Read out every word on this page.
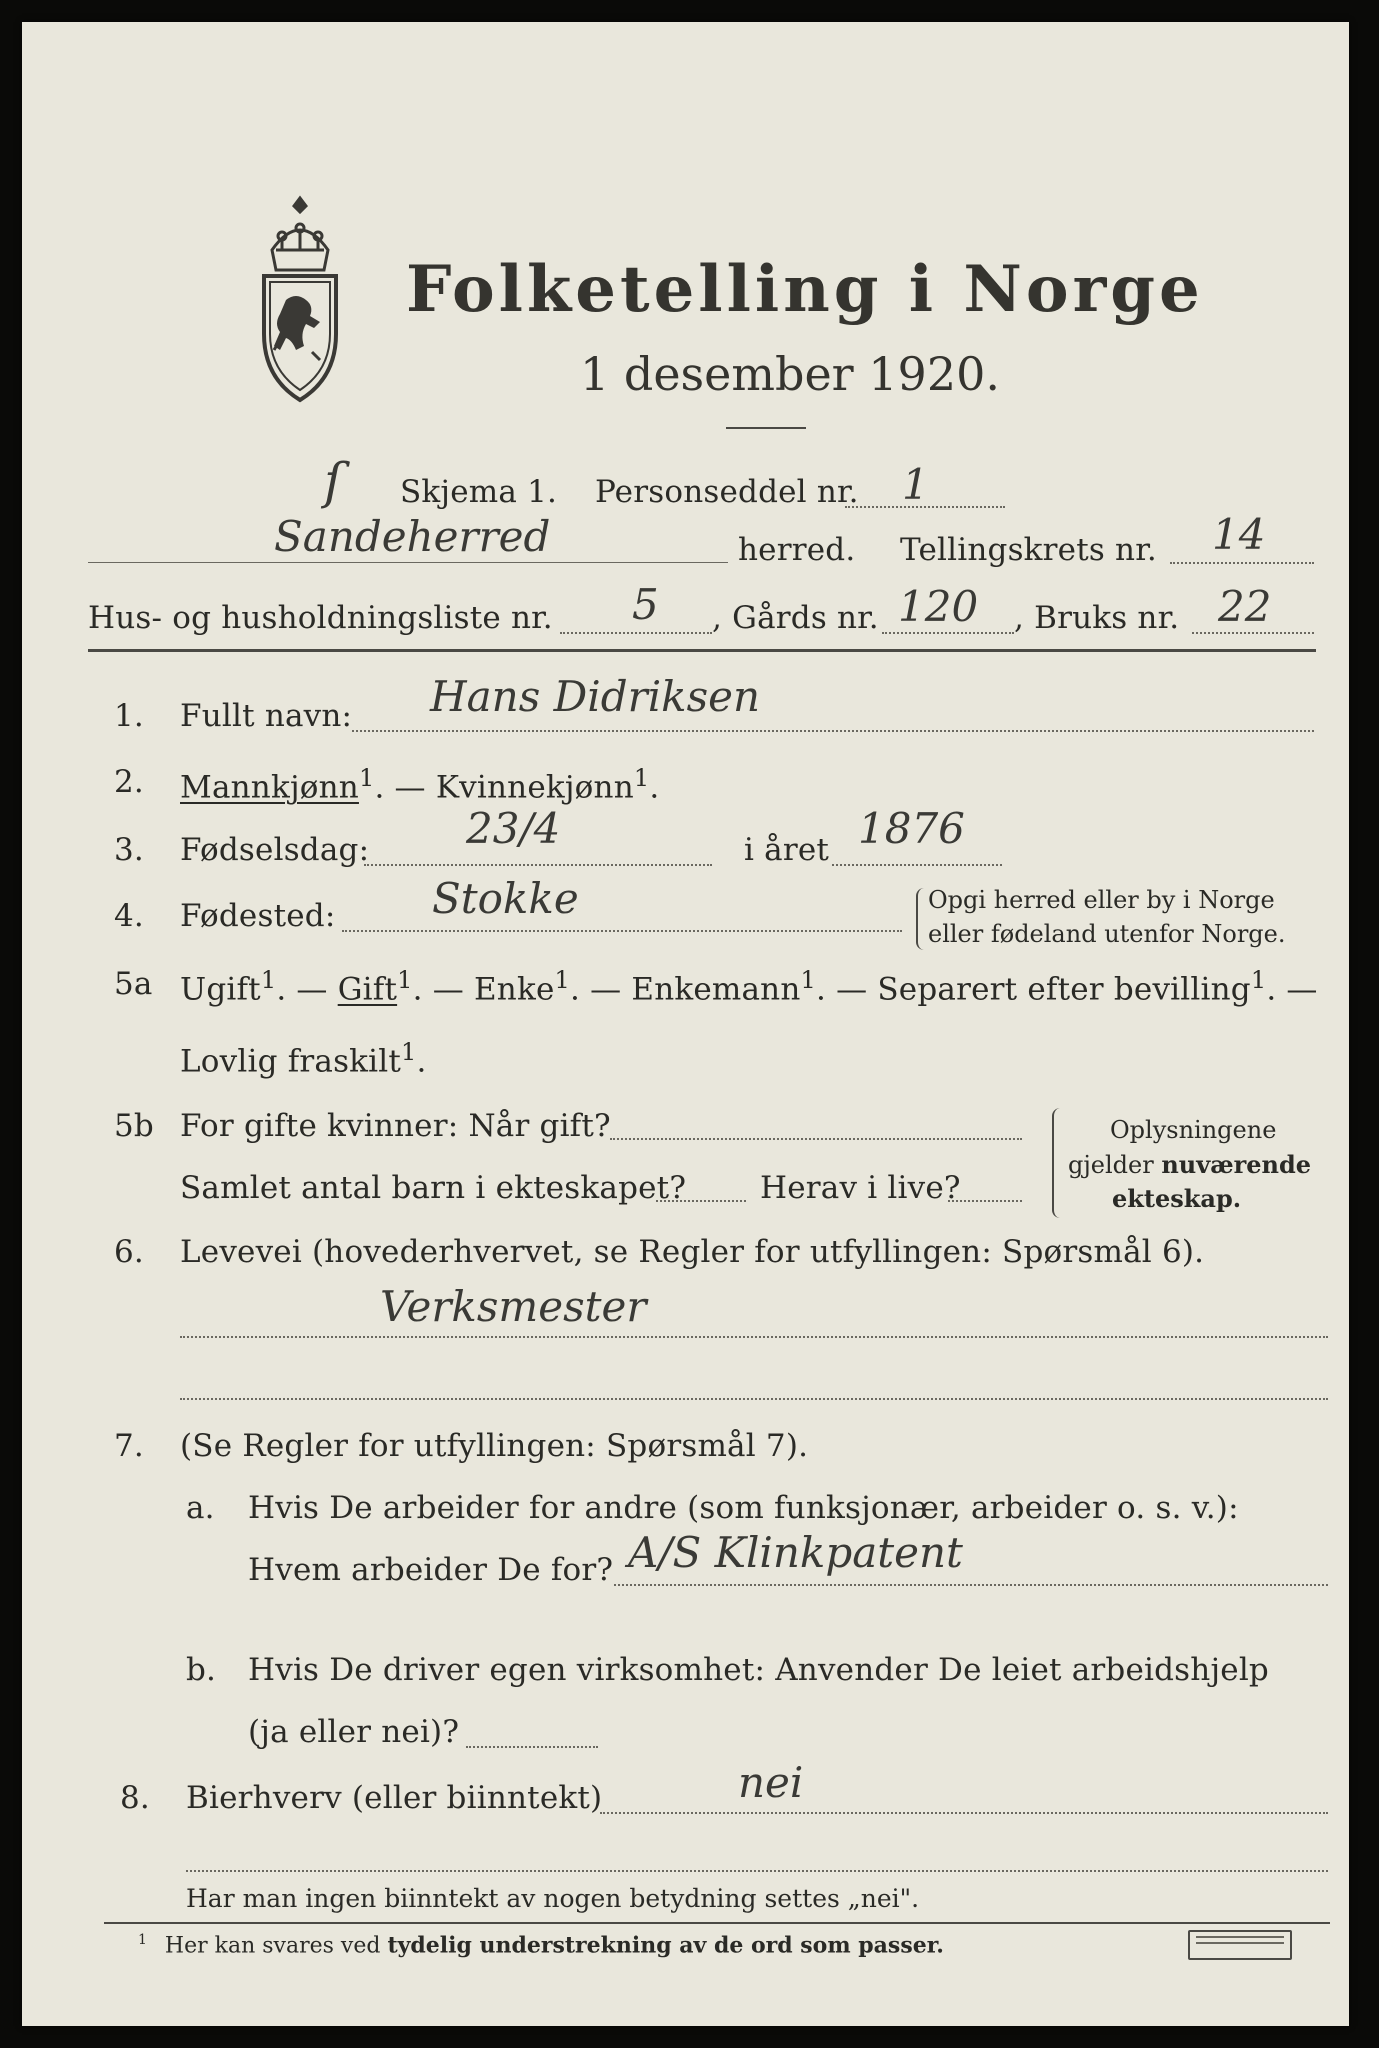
Folketelling i Norge
1 desember 1920.
ſ Skjema 1. Personseddel nr. 1
Sandeherred	herred. Tellingskrets nr. 14
Hus- og husholdningsliste nr. 5 , Gårds nr. 120 , Bruks nr. 22
1. Fullt navn: Hans Didriksen
2. Mannkjønn$^1$. — Kvinnekjønn$^1$.
3. Fødselsdag: 23/4	i året 1876
4. Fødested: Stokke	Opgi herred eller by i Norge
eller fødeland utenfor Norge.
5a Ugift$^1$. — Gift$^1$. — Enke$^1$. — Enkemann$^1$. — Separert efter bevilling$^1$. —
Lovlig fraskilt$^1$.
5b For gifte kvinner: Når gift?
Samlet antal barn i ekteskapet? Herav i live?
Oplysningene
gjelder nuværende
ekteskap.
6. Levevei (hovederhvervet, se Regler for utfyllingen: Spørsmål 6).
Verksmester
7. (Se Regler for utfyllingen: Spørsmål 7).
a. Hvis De arbeider for andre (som funksjonær, arbeider o. s. v.):
Hvem arbeider De for? A/S Klinkpatent
b. Hvis De driver egen virksomhet: Anvender De leiet arbeidshjelp
(ja eller nei)?
8. Bierhverv (eller biinntekt)	nei
Har man ingen biinntekt av nogen betydning settes „nei".
$^1$ Her kan svares ved tydelig understrekning av de ord som passer.
